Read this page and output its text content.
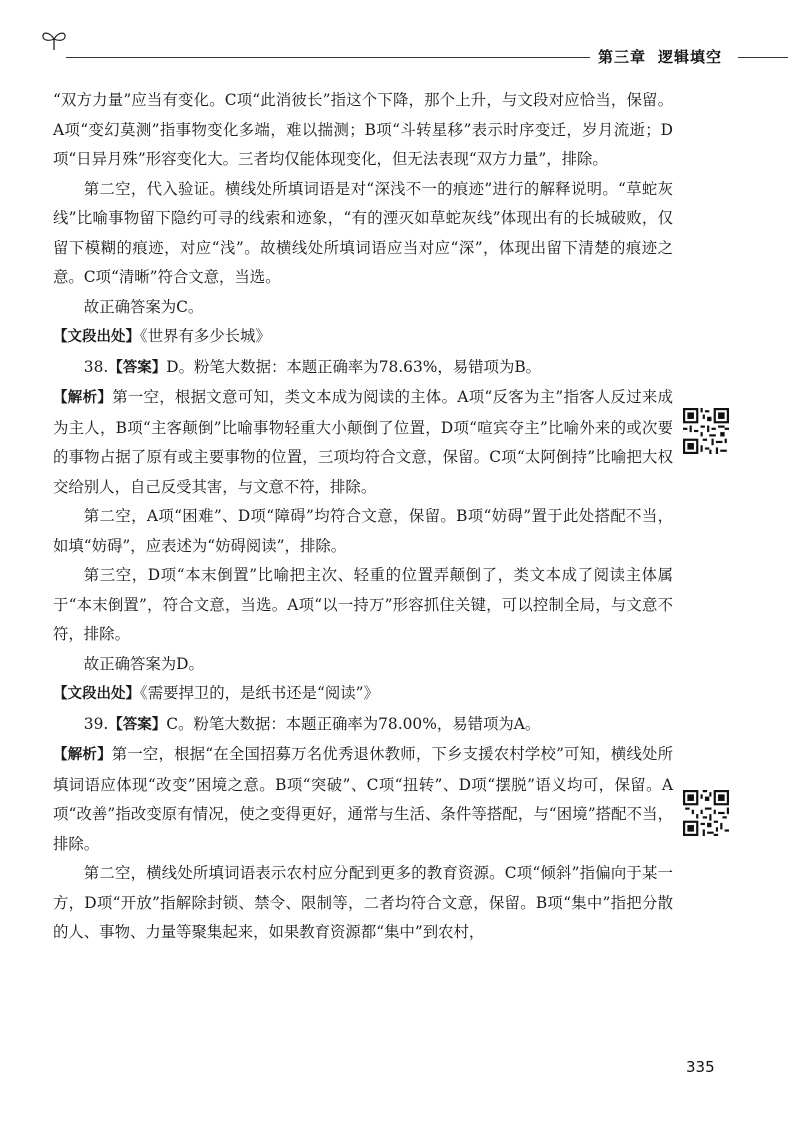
第三章 逻辑填空

“双方力量”应当有变化。C项“此消彼长”指这个下降，那个上升，与文段对应恰当，保留。A项“变幻莫测”指事物变化多端，难以揣测；B项“斗转星移”表示时序变迁，岁月流逝；D项“日异月殊”形容变化大。三者均仅能体现变化，但无法表现“双方力量”，排除。

第二空，代入验证。横线处所填词语是对“深浅不一的痕迹”进行的解释说明。“草蛇灰线”比喻事物留下隐约可寻的线索和迹象，“有的湮灭如草蛇灰线”体现出有的长城破败，仅留下模糊的痕迹，对应“浅”。故横线处所填词语应当对应“深”，体现出留下清楚的痕迹之意。C项“清晰”符合文意，当选。

故正确答案为C。

【文段出处】《世界有多少长城》

38.【答案】D。粉笔大数据：本题正确率为78.63%，易错项为B。

【解析】第一空，根据文意可知，类文本成为阅读的主体。A项“反客为主”指客人反过来成为主人，B项“主客颠倒”比喻事物轻重大小颠倒了位置，D项“喧宾夺主”比喻外来的或次要的事物占据了原有或主要事物的位置，三项均符合文意，保留。C项“太阿倒持”比喻把大权交给别人，自己反受其害，与文意不符，排除。

第二空，A项“困难”、D项“障碍”均符合文意，保留。B项“妨碍”置于此处搭配不当，如填“妨碍”，应表述为“妨碍阅读”，排除。

第三空，D项“本末倒置”比喻把主次、轻重的位置弄颠倒了，类文本成了阅读主体属于“本末倒置”，符合文意，当选。A项“以一持万”形容抓住关键，可以控制全局，与文意不符，排除。

故正确答案为D。

【文段出处】《需要捍卫的，是纸书还是“阅读”》

39.【答案】C。粉笔大数据：本题正确率为78.00%，易错项为A。

【解析】第一空，根据“在全国招募万名优秀退休教师，下乡支援农村学校”可知，横线处所填词语应体现“改变”困境之意。B项“突破”、C项“扭转”、D项“摆脱”语义均可，保留。A项“改善”指改变原有情况，使之变得更好，通常与生活、条件等搭配，与“困境”搭配不当，排除。

第二空，横线处所填词语表示农村应分配到更多的教育资源。C项“倾斜”指偏向于某一方，D项“开放”指解除封锁、禁令、限制等，二者均符合文意，保留。B项“集中”指把分散的人、事物、力量等聚集起来，如果教育资源都“集中”到农村，

335
